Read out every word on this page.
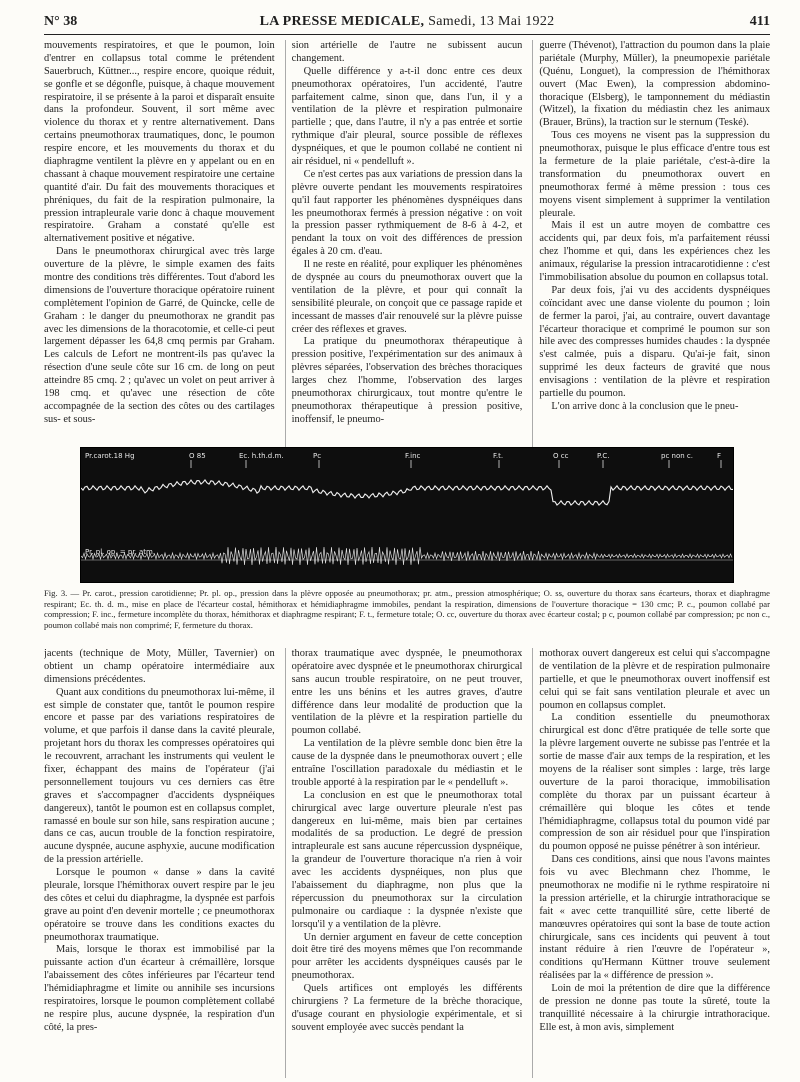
N° 38	LA PRESSE MEDICALE, Samedi, 13 Mai 1922	411

mouvements respiratoires, et que le poumon, loin d'entrer en collapsus total comme le prétendent Sauerbruch, Küttner..., respire encore, quoique réduit, se gonfle et se dégonfle, puisque, à chaque mouvement respiratoire, il se présente à la paroi et disparaît ensuite dans la profondeur. Souvent, il sort même avec violence du thorax et y rentre alternativement. Dans certains pneumothorax traumatiques, donc, le poumon respire encore, et les mouvements du thorax et du diaphragme ventilent la plèvre en y appelant ou en en chassant à chaque mouvement respiratoire une certaine quantité d'air. Du fait des mouvements thoraciques et phréniques, du fait de la respiration pulmonaire, la pression intrapleurale varie donc à chaque mouvement respiratoire. Graham a constaté qu'elle est alternativement positive et négative.

Dans le pneumothorax chirurgical avec très large ouverture de la plèvre, le simple examen des faits montre des conditions très différentes. Tout d'abord les dimensions de l'ouverture thoracique opératoire ruinent complètement l'opinion de Garré, de Quincke, celle de Graham : le danger du pneumothorax ne grandit pas avec les dimensions de la thoracotomie, et celle-ci peut largement dépasser les 64,8 cmq permis par Graham. Les calculs de Lefort ne montrent-ils pas qu'avec la résection d'une seule côte sur 16 cm. de long on peut atteindre 85 cmq. 2 ; qu'avec un volet on peut arriver à 198 cmq. et qu'avec une résection de côte accompagnée de la section des côtes ou des cartilages sus- et sous-

sion artérielle de l'autre ne subissent aucun changement.

Quelle différence y a-t-il donc entre ces deux pneumothorax opératoires, l'un accidenté, l'autre parfaitement calme, sinon que, dans l'un, il y a ventilation de la plèvre et respiration pulmonaire partielle ; que, dans l'autre, il n'y a pas entrée et sortie rythmique d'air pleural, source possible de réflexes dyspnéiques, et que le poumon collabé ne contient ni air résiduel, ni « pendelluft ».

Ce n'est certes pas aux variations de pression dans la plèvre ouverte pendant les mouvements respiratoires qu'il faut rapporter les phénomènes dyspnéiques dans les pneumothorax fermés à pression négative : on voit la pression passer rythmiquement de 8-6 à 4-2, et pendant la toux on voit des différences de pression égales à 20 cm. d'eau.

Il ne reste en réalité, pour expliquer les phénomènes de dyspnée au cours du pneumothorax ouvert que la ventilation de la plèvre, et pour qui connaît la sensibilité pleurale, on conçoit que ce passage rapide et incessant de masses d'air renouvelé sur la plèvre puisse créer des réflexes et graves.

La pratique du pneumothorax thérapeutique à pression positive, l'expérimentation sur des animaux à plèvres séparées, l'observation des brèches thoraciques larges chez l'homme, l'observation des larges pneumothorax chirurgicaux, tout montre qu'entre le pneumothorax thérapeutique à pression positive, inoffensif, le pneumo-

guerre (Thévenot), l'attraction du poumon dans la plaie pariétale (Murphy, Müller), la pneumopexie pariétale (Quénu, Longuet), la compression de l'hémithorax ouvert (Mac Ewen), la compression abdomino-thoracique (Elsberg), le tamponnement du médiastin (Witzel), la fixation du médiastin chez les animaux (Brauer, Brüns), la traction sur le sternum (Teské).

Tous ces moyens ne visent pas la suppression du pneumothorax, puisque le plus efficace d'entre tous est la fermeture de la plaie pariétale, c'est-à-dire la transformation du pneumothorax ouvert en pneumothorax fermé à même pression : tous ces moyens visent simplement à supprimer la ventilation pleurale.

Mais il est un autre moyen de combattre ces accidents qui, par deux fois, m'a parfaitement réussi chez l'homme et qui, dans les expériences chez les animaux, régularise la pression intracarotidienne : c'est l'immobilisation absolue du poumon en collapsus total.

Par deux fois, j'ai vu des accidents dyspnéiques coïncidant avec une danse violente du poumon ; loin de fermer la paroi, j'ai, au contraire, ouvert davantage l'écarteur thoracique et comprimé le poumon sur son hile avec des compresses humides chaudes : la dyspnée s'est calmée, puis a disparu. Qu'ai-je fait, sinon supprimé les deux facteurs de gravité que nous envisagions : ventilation de la plèvre et respiration partielle du poumon.

L'on arrive donc à la conclusion que le pneu-

Pr.carot.18 Hg	O 85	Ec. h.th.d.m.	Pc	F.inc	F.t.	O cc	P.C.	pc non c.	F
Pr. pl. op. = pr. atm.
Fig. 3. — Pr. carot., pression carotidienne; Pr. pl. op., pression dans la plèvre opposée au pneumothorax; pr. atm., pression atmosphérique; O. ss, ouverture du thorax sans écarteurs, thorax et diaphragme respirant; Ec. th. d. m., mise en place de l'écarteur costal, hémithorax et hémidiaphragme immobiles, pendant la respiration, dimensions de l'ouverture thoracique = 130 cmc; P. c., poumon collabé par compression; F. inc., fermeture incomplète du thorax, hémithorax et diaphragme respirant; F. t., fermeture totale; O. cc, ouverture du thorax avec écarteur costal; p c, poumon collabé par compression; pc non c., poumon collabé mais non comprimé; F, fermeture du thorax.

jacents (technique de Moty, Müller, Tavernier) on obtient un champ opératoire intermédiaire aux dimensions précédentes.

Quant aux conditions du pneumothorax lui-même, il est simple de constater que, tantôt le poumon respire encore et passe par des variations respiratoires de volume, et que parfois il danse dans la cavité pleurale, projetant hors du thorax les compresses opératoires qui le recouvrent, arrachant les instruments qui veulent le fixer, échappant des mains de l'opérateur (j'ai personnellement toujours vu ces derniers cas être graves et s'accompagner d'accidents dyspnéiques dangereux), tantôt le poumon est en collapsus complet, ramassé en boule sur son hile, sans respiration aucune ; dans ce cas, aucun trouble de la fonction respiratoire, aucune dyspnée, aucune asphyxie, aucune modification de la pression artérielle.

Lorsque le poumon « danse » dans la cavité pleurale, lorsque l'hémithorax ouvert respire par le jeu des côtes et celui du diaphragme, la dyspnée est parfois grave au point d'en devenir mortelle ; ce pneumothorax opératoire se trouve dans les conditions exactes du pneumothorax traumatique.

Mais, lorsque le thorax est immobilisé par la puissante action d'un écarteur à crémaillère, lorsque l'abaissement des côtes inférieures par l'écarteur tend l'hémidiaphragme et limite ou annihile ses incursions respiratoires, lorsque le poumon complètement collabé ne respire plus, aucune dyspnée, la respiration d'un côté, la pres-

thorax traumatique avec dyspnée, le pneumothorax opératoire avec dyspnée et le pneumothorax chirurgical sans aucun trouble respiratoire, on ne peut trouver, entre les uns bénins et les autres graves, d'autre différence dans leur modalité de production que la ventilation de la plèvre et la respiration partielle du poumon collabé.

La ventilation de la plèvre semble donc bien être la cause de la dyspnée dans le pneumothorax ouvert ; elle entraîne l'oscillation paradoxale du médiastin et le trouble apporté à la respiration par le « pendelluft ».

La conclusion en est que le pneumothorax total chirurgical avec large ouverture pleurale n'est pas dangereux en lui-même, mais bien par certaines modalités de sa production. Le degré de pression intrapleurale est sans aucune répercussion dyspnéique, la grandeur de l'ouverture thoracique n'a rien à voir avec les accidents dyspnéiques, non plus que l'abaissement du diaphragme, non plus que la répercussion du pneumothorax sur la circulation pulmonaire ou cardiaque : la dyspnée n'existe que lorsqu'il y a ventilation de la plèvre.

Un dernier argument en faveur de cette conception doit être tiré des moyens mêmes que l'on recommande pour arrêter les accidents dyspnéiques causés par le pneumothorax.

Quels artifices ont employés les différents chirurgiens ? La fermeture de la brèche thoracique, d'usage courant en physiologie expérimentale, et si souvent employée avec succès pendant la

mothorax ouvert dangereux est celui qui s'accompagne de ventilation de la plèvre et de respiration pulmonaire partielle, et que le pneumothorax ouvert inoffensif est celui qui se fait sans ventilation pleurale et avec un poumon en collapsus complet.

La condition essentielle du pneumothorax chirurgical est donc d'être pratiquée de telle sorte que la plèvre largement ouverte ne subisse pas l'entrée et la sortie de masse d'air aux temps de la respiration, et les moyens de la réaliser sont simples : large, très large ouverture de la paroi thoracique, immobilisation complète du thorax par un puissant écarteur à crémaillère qui bloque les côtes et tende l'hémidiaphragme, collapsus total du poumon vidé par compression de son air résiduel pour que l'inspiration du poumon opposé ne puisse pénétrer à son intérieur.

Dans ces conditions, ainsi que nous l'avons maintes fois vu avec Blechmann chez l'homme, le pneumothorax ne modifie ni le rythme respiratoire ni la pression artérielle, et la chirurgie intrathoracique se fait « avec cette tranquillité sûre, cette liberté de manœuvres opératoires qui sont la base de toute action chirurgicale, sans ces incidents qui peuvent à tout instant réduire à rien l'œuvre de l'opérateur », conditions qu'Hermann Küttner trouve seulement réalisées par la « différence de pression ».

Loin de moi la prétention de dire que la différence de pression ne donne pas toute la sûreté, toute la tranquillité nécessaire à la chirurgie intrathoracique. Elle est, à mon avis, simplement
